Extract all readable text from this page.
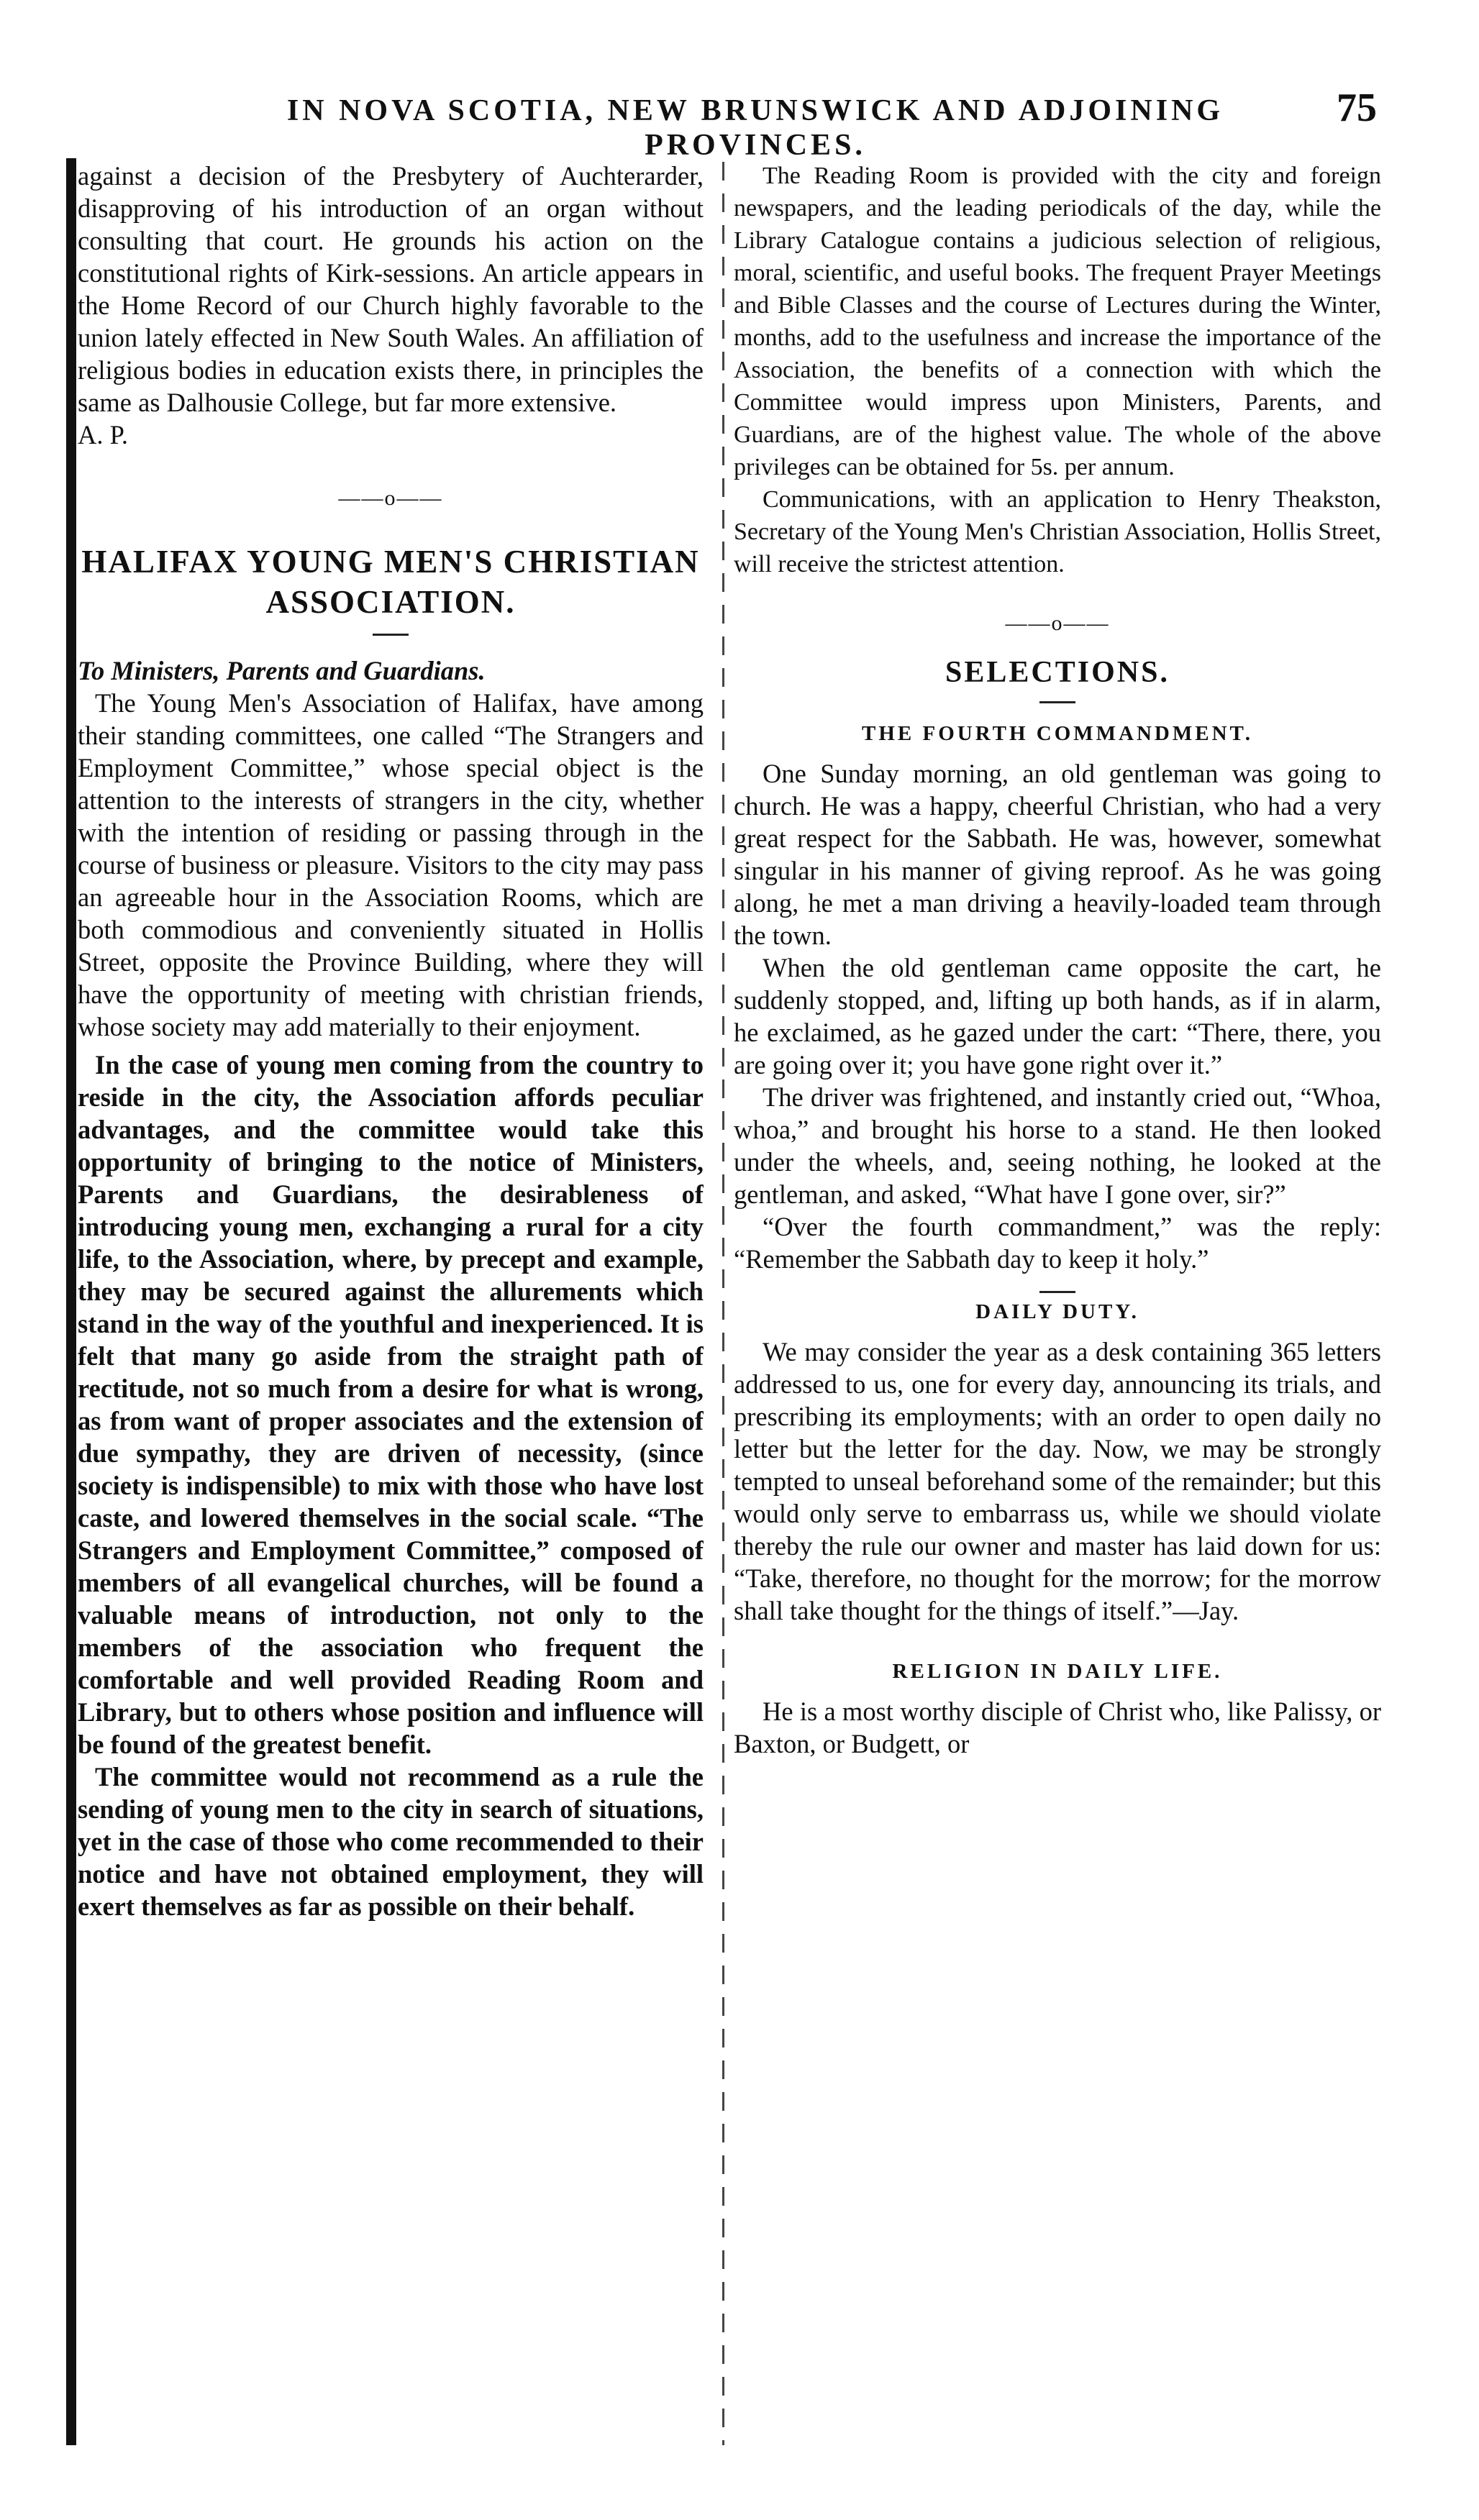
IN NOVA SCOTIA, NEW BRUNSWICK AND ADJOINING PROVINCES.
75

against a decision of the Presbytery of Auchterarder, disapproving of his introduction of an organ without consulting that court. He grounds his action on the constitutional rights of Kirk-sessions. An article appears in the Home Record of our Church highly favorable to the union lately effected in New South Wales. An affiliation of religious bodies in education exists there, in principles the same as Dalhousie College, but far more extensive.

A. P.

——o——
HALIFAX YOUNG MEN'S CHRISTIAN ASSOCIATION.

To Ministers, Parents and Guardians.

The Young Men's Association of Halifax, have among their standing committees, one called “The Strangers and Employment Committee,” whose special object is the attention to the interests of strangers in the city, whether with the intention of residing or passing through in the course of business or pleasure. Visitors to the city may pass an agreeable hour in the Association Rooms, which are both commodious and conveniently situated in Hollis Street, opposite the Province Building, where they will have the opportunity of meeting with christian friends, whose society may add materially to their enjoyment.

In the case of young men coming from the country to reside in the city, the Association affords peculiar advantages, and the committee would take this opportunity of bringing to the notice of Ministers, Parents and Guardians, the desirableness of introducing young men, exchanging a rural for a city life, to the Association, where, by precept and example, they may be secured against the allurements which stand in the way of the youthful and inexperienced. It is felt that many go aside from the straight path of rectitude, not so much from a desire for what is wrong, as from want of proper associates and the extension of due sympathy, they are driven of necessity, (since society is indispensible) to mix with those who have lost caste, and lowered themselves in the social scale. “The Strangers and Employment Committee,” composed of members of all evangelical churches, will be found a valuable means of introduction, not only to the members of the association who frequent the comfortable and well provided Reading Room and Library, but to others whose position and influence will be found of the greatest benefit.

The committee would not recommend as a rule the sending of young men to the city in search of situations, yet in the case of those who come recommended to their notice and have not obtained employment, they will exert themselves as far as possible on their behalf.

The Reading Room is provided with the city and foreign newspapers, and the leading periodicals of the day, while the Library Catalogue contains a judicious selection of religious, moral, scientific, and useful books. The frequent Prayer Meetings and Bible Classes and the course of Lectures during the Winter, months, add to the usefulness and increase the importance of the Association, the benefits of a connection with which the Committee would impress upon Ministers, Parents, and Guardians, are of the highest value. The whole of the above privileges can be obtained for 5s. per annum.

Communications, with an application to Henry Theakston, Secretary of the Young Men's Christian Association, Hollis Street, will receive the strictest attention.

——o——
SELECTIONS.
THE FOURTH COMMANDMENT.

One Sunday morning, an old gentleman was going to church. He was a happy, cheerful Christian, who had a very great respect for the Sabbath. He was, however, somewhat singular in his manner of giving reproof. As he was going along, he met a man driving a heavily-loaded team through the town.

When the old gentleman came opposite the cart, he suddenly stopped, and, lifting up both hands, as if in alarm, he exclaimed, as he gazed under the cart: “There, there, you are going over it; you have gone right over it.”

The driver was frightened, and instantly cried out, “Whoa, whoa,” and brought his horse to a stand. He then looked under the wheels, and, seeing nothing, he looked at the gentleman, and asked, “What have I gone over, sir?”

“Over the fourth commandment,” was the reply: “Remember the Sabbath day to keep it holy.”

DAILY DUTY.

We may consider the year as a desk containing 365 letters addressed to us, one for every day, announcing its trials, and prescribing its employments; with an order to open daily no letter but the letter for the day. Now, we may be strongly tempted to unseal beforehand some of the remainder; but this would only serve to embarrass us, while we should violate thereby the rule our owner and master has laid down for us: “Take, therefore, no thought for the morrow; for the morrow shall take thought for the things of itself.”—Jay.

RELIGION IN DAILY LIFE.

He is a most worthy disciple of Christ who, like Palissy, or Baxton, or Budgett, or
